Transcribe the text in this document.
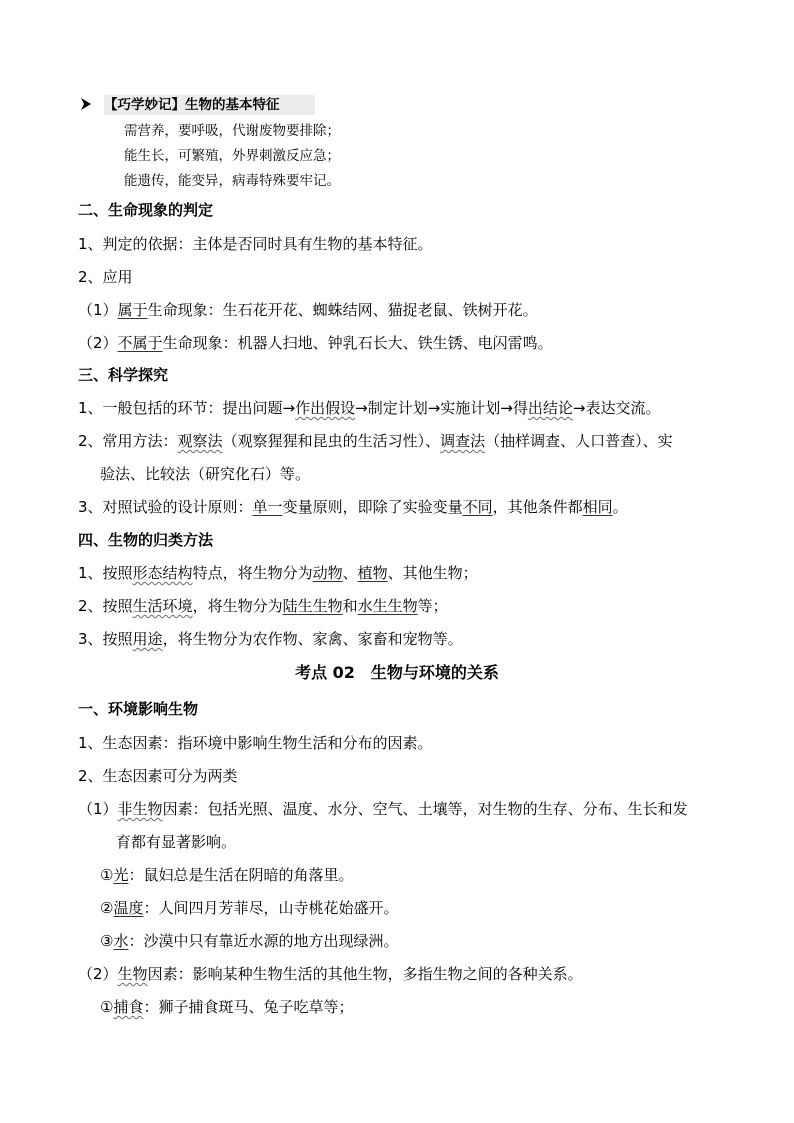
【巧学妙记】生物的基本特征
需营养，要呼吸，代谢废物要排除；
能生长，可繁殖，外界刺激反应急；
能遗传，能变异，病毒特殊要牢记。
二、生命现象的判定
1、判定的依据：主体是否同时具有生物的基本特征。
2、应用
（1）属于生命现象：生石花开花、蜘蛛结网、猫捉老鼠、铁树开花。
（2）不属于生命现象：机器人扫地、钟乳石长大、铁生锈、电闪雷鸣。
三、科学探究
1、一般包括的环节：提出问题→作出假设→制定计划→实施计划→得出结论→表达交流。
2、常用方法：观察法（观察猩猩和昆虫的生活习性）、调查法（抽样调查、人口普查）、实
验法、比较法（研究化石）等。
3、对照试验的设计原则：单一变量原则，即除了实验变量不同，其他条件都相同。
四、生物的归类方法
1、按照形态结构特点，将生物分为动物、植物、其他生物；
2、按照生活环境，将生物分为陆生生物和水生生物等；
3、按照用途，将生物分为农作物、家禽、家畜和宠物等。
考点 02　生物与环境的关系
一、环境影响生物
1、生态因素：指环境中影响生物生活和分布的因素。
2、生态因素可分为两类
（1）非生物因素：包括光照、温度、水分、空气、土壤等，对生物的生存、分布、生长和发
育都有显著影响。
①光：鼠妇总是生活在阴暗的角落里。
②温度：人间四月芳菲尽，山寺桃花始盛开。
③水：沙漠中只有靠近水源的地方出现绿洲。
（2）生物因素：影响某种生物生活的其他生物，多指生物之间的各种关系。
①捕食：狮子捕食斑马、兔子吃草等；
